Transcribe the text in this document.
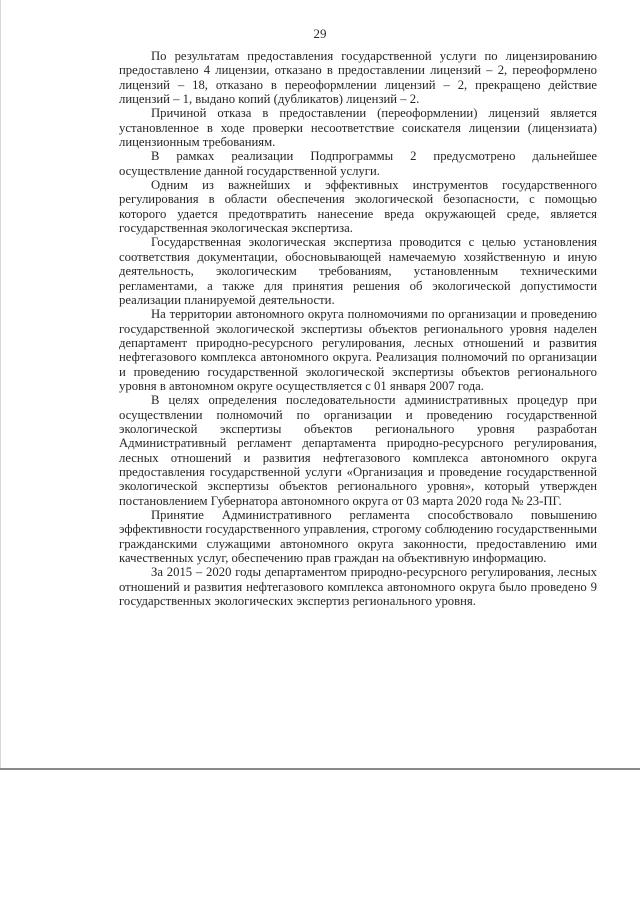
29

По результатам предоставления государственной услуги по лицензированию предоставлено 4 лицензии, отказано в предоставлении лицензий – 2, переоформлено лицензий – 18, отказано в переоформлении лицензий – 2, прекращено действие лицензий – 1, выдано копий (дубликатов) лицензий – 2.

Причиной отказа в предоставлении (переоформлении) лицензий является установленное в ходе проверки несоответствие соискателя лицензии (лицензиата) лицензионным требованиям.

В рамках реализации Подпрограммы 2 предусмотрено дальнейшее осуществление данной государственной услуги.

Одним из важнейших и эффективных инструментов государственного регулирования в области обеспечения экологической безопасности, с помощью которого удается предотвратить нанесение вреда окружающей среде, является государственная экологическая экспертиза.

Государственная экологическая экспертиза проводится с целью установления соответствия документации, обосновывающей намечаемую хозяйственную и иную деятельность, экологическим требованиям, установленным техническими регламентами, а также для принятия решения об экологической допустимости реализации планируемой деятельности.

На территории автономного округа полномочиями по организации и проведению государственной экологической экспертизы объектов регионального уровня наделен департамент природно-ресурсного регулирования, лесных отношений и развития нефтегазового комплекса автономного округа. Реализация полномочий по организации и проведению государственной экологической экспертизы объектов регионального уровня в автономном округе осуществляется с 01 января 2007 года.

В целях определения последовательности административных процедур при осуществлении полномочий по организации и проведению государственной экологической экспертизы объектов регионального уровня разработан Административный регламент департамента природно-ресурсного регулирования, лесных отношений и развития нефтегазового комплекса автономного округа предоставления государственной услуги «Организация и проведение государственной экологической экспертизы объектов регионального уровня», который утвержден постановлением Губернатора автономного округа от 03 марта 2020 года № 23-ПГ.

Принятие Административного регламента способствовало повышению эффективности государственного управления, строгому соблюдению государственными гражданскими служащими автономного округа законности, предоставлению ими качественных услуг, обеспечению прав граждан на объективную информацию.

За 2015 – 2020 годы департаментом природно-ресурсного регулирования, лесных отношений и развития нефтегазового комплекса автономного округа было проведено 9 государственных экологических экспертиз регионального уровня.
